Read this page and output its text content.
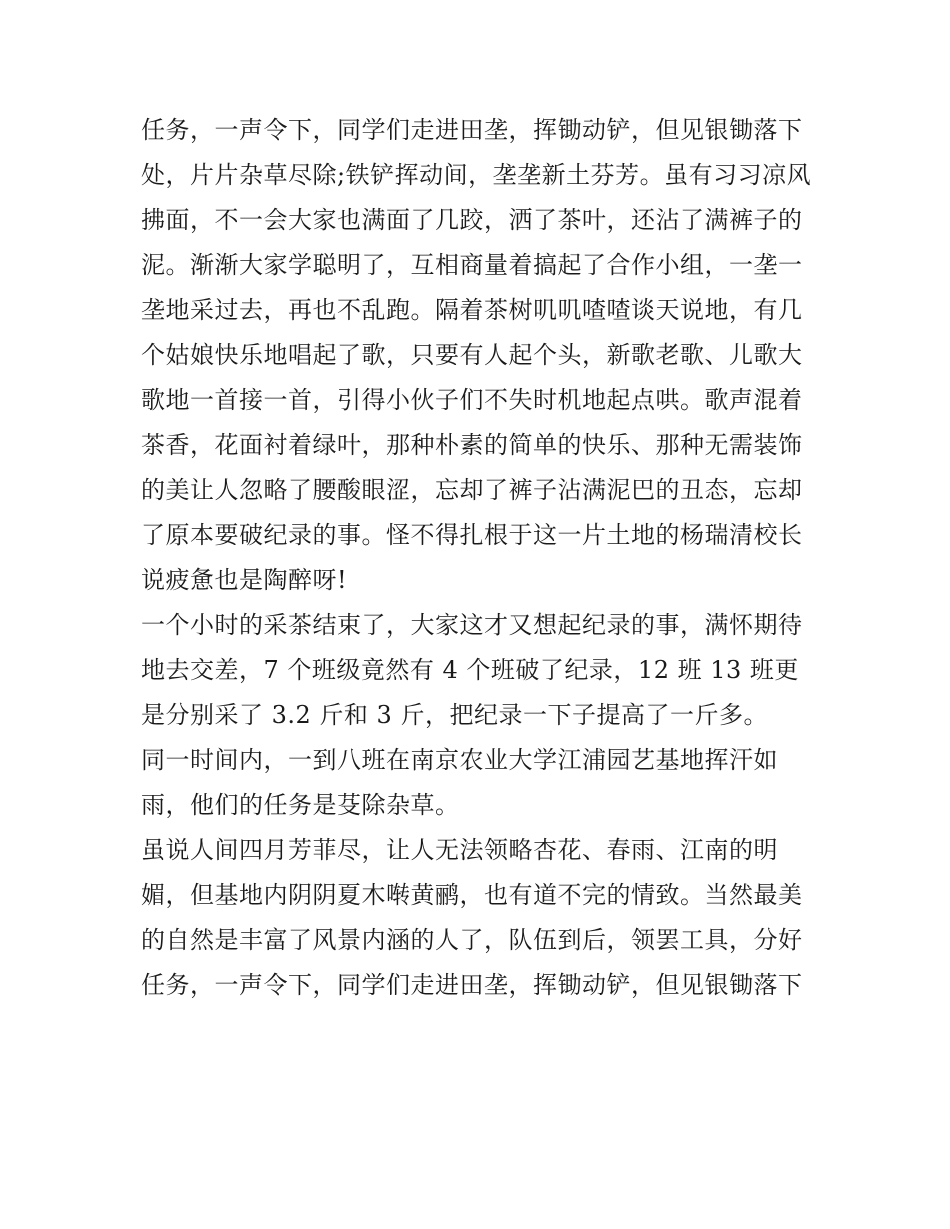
任务，一声令下，同学们走进田垄，挥锄动铲，但见银锄落下处，片片杂草尽除;铁铲挥动间，垄垄新土芬芳。虽有习习凉风拂面，不一会大家也满面了几跤，洒了茶叶，还沾了满裤子的泥。渐渐大家学聪明了，互相商量着搞起了合作小组，一垄一垄地采过去，再也不乱跑。隔着茶树叽叽喳喳谈天说地，有几个姑娘快乐地唱起了歌，只要有人起个头，新歌老歌、儿歌大歌地一首接一首，引得小伙子们不失时机地起点哄。歌声混着茶香，花面衬着绿叶，那种朴素的简单的快乐、那种无需装饰的美让人忽略了腰酸眼涩，忘却了裤子沾满泥巴的丑态，忘却了原本要破纪录的事。怪不得扎根于这一片土地的杨瑞清校长说疲惫也是陶醉呀!

一个小时的采茶结束了，大家这才又想起纪录的事，满怀期待地去交差，7 个班级竟然有 4 个班破了纪录，12 班 13 班更是分别采了 3.2 斤和 3 斤，把纪录一下子提高了一斤多。

同一时间内，一到八班在南京农业大学江浦园艺基地挥汗如雨，他们的任务是芟除杂草。

虽说人间四月芳菲尽，让人无法领略杏花、春雨、江南的明媚，但基地内阴阴夏木啭黄鹂，也有道不完的情致。当然最美的自然是丰富了风景内涵的人了，队伍到后，领罢工具，分好任务，一声令下，同学们走进田垄，挥锄动铲，但见银锄落下
